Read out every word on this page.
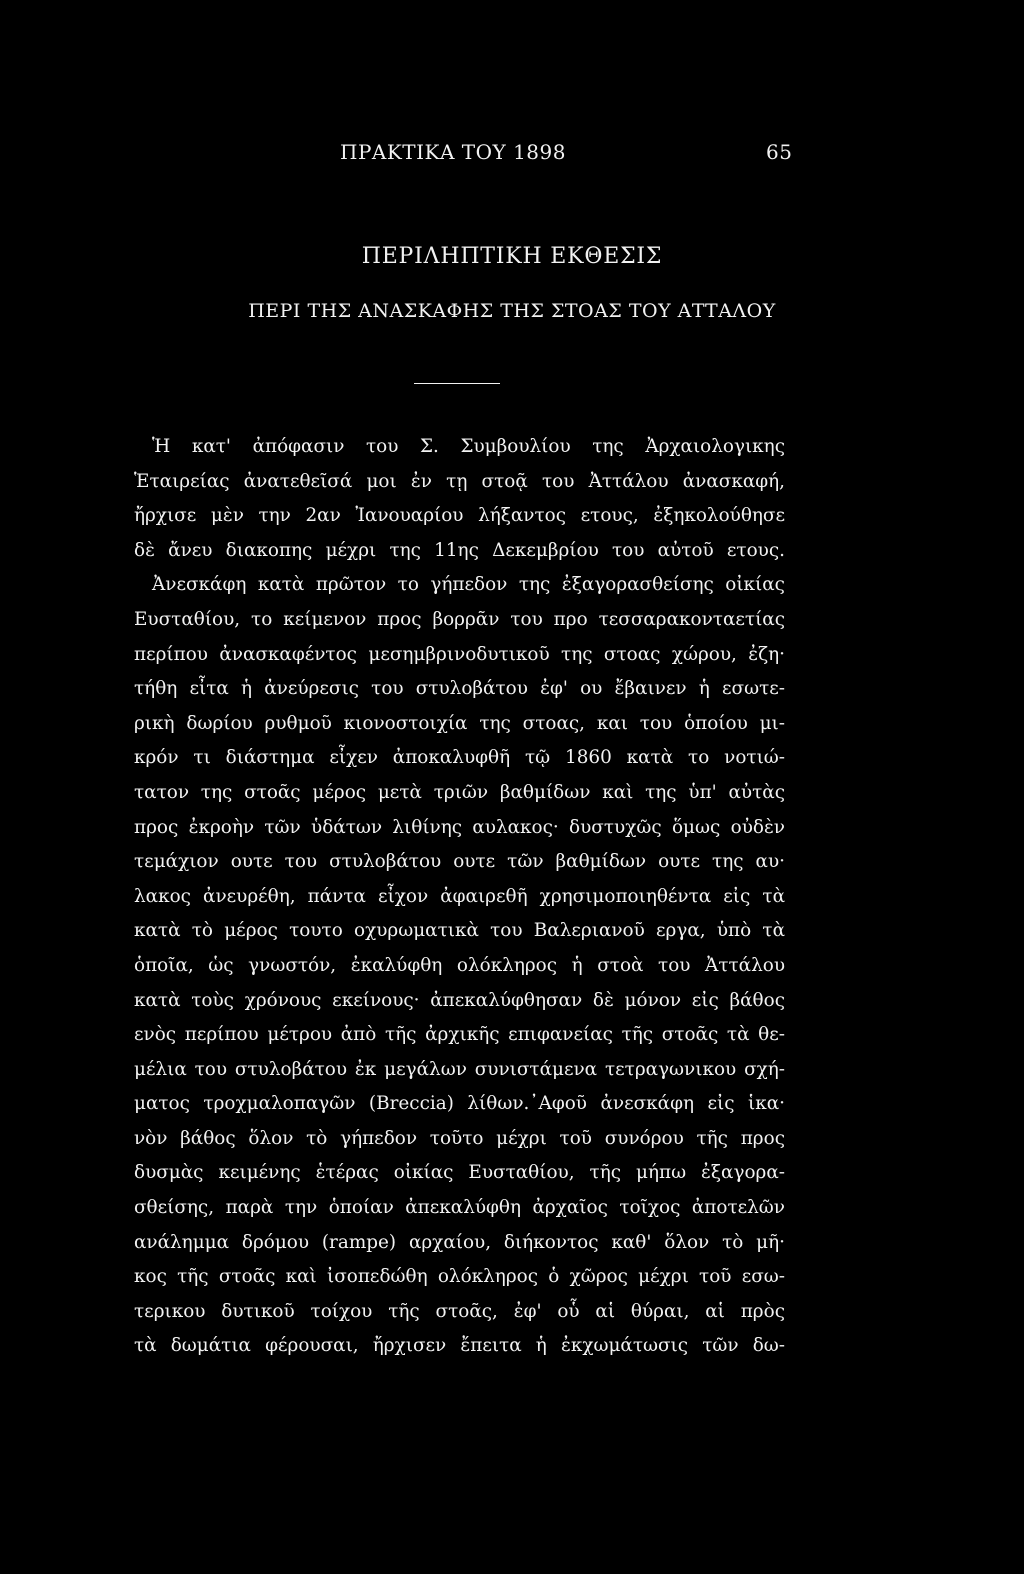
ΠΡΑΚΤΙΚΑ ΤΟΥ 1898	65
ΠΕΡΙΛΗΠΤΙΚΗ ΕΚΘΕΣΙΣ
ΠΕΡΙ ΤΗΣ ΑΝΑΣΚΑΦΗΣ ΤΗΣ ΣΤΟΑΣ ΤΟΥ ΑΤΤΑΛΟΥ
Ἡ κατ' ἀπόφασιν του Σ. Συμβουλίου της Ἀρχαιολογικης
Ἑταιρείας ἀνατεθεῖσά μοι ἐν τῃ στοᾷ του Ἀττάλου ἀνασκαφή,
ἤρχισε μὲν την 2αν Ἰανουαρίου λήξαντος ετους, ἐξηκολούθησε
δὲ ἄνευ διακοπης μέχρι της 11ης Δεκεμβρίου του αὐτοῦ ετους.
Ἀνεσκάφη κατὰ πρῶτον το γήπεδον της ἐξαγορασθείσης οἰκίας
Ευσταθίου, το κείμενον προς βορρᾶν του προ τεσσαρακονταετίας
περίπου ἀνασκαφέντος μεσημβρινοδυτικοῦ της στοας χώρου, ἐζη·
τήθη εἶτα ἡ ἀνεύρεσις του στυλοβάτου ἐφ' ου ἔβαινεν ἡ εσωτε-
ρικὴ δωρίου ρυθμοῦ κιονοστοιχία της στοας, και του ὁποίου μι-
κρόν τι διάστημα εἶχεν ἀποκαλυφθῆ τῷ 1860 κατὰ το νοτιώ-
τατον της στοᾶς μέρος μετὰ τριῶν βαθμίδων καὶ της ὑπ' αὐτὰς
προς ἐκροὴν τῶν ὑδάτων λιθίνης αυλακος· δυστυχῶς ὅμως οὐδὲν
τεμάχιον ουτε του στυλοβάτου ουτε τῶν βαθμίδων ουτε της αυ·
λακος ἀνευρέθη, πάντα εἶχον ἀφαιρεθῆ χρησιμοποιηθέντα εἰς τὰ
κατὰ τὸ μέρος τουτο οχυρωματικὰ του Βαλεριανοῦ εργα, ὑπὸ τὰ
ὁποῖα, ὡς γνωστόν, ἐκαλύφθη ολόκληρος ἡ στοὰ του Ἀττάλου
κατὰ τοὺς χρόνους εκείνους· ἀπεκαλύφθησαν δὲ μόνον εἰς βάθος
ενὸς περίπου μέτρου ἀπὸ τῆς ἀρχικῆς επιφανείας τῆς στοᾶς τὰ θε-
μέλια του στυλοβάτου ἐκ μεγάλων συνιστάμενα τετραγωνικου σχή-
ματος τροχμαλοπαγῶν (Breccia) λίθων.᾿Αφοῦ ἀνεσκάφη εἰς ἱκα·
νὸν βάθος ὅλον τὸ γήπεδον τοῦτο μέχρι τοῦ συνόρου τῆς προς
δυσμὰς κειμένης ἑτέρας οἰκίας Ευσταθίου, τῆς μήπω ἐξαγορα-
σθείσης, παρὰ την ὁποίαν ἀπεκαλύφθη ἀρχαῖος τοῖχος ἀποτελῶν
ανάλημμα δρόμου (rampe) αρχαίου, διήκοντος καθ' ὅλον τὸ μῆ·
κος τῆς στοᾶς καὶ ἰσοπεδώθη ολόκληρος ὁ χῶρος μέχρι τοῦ εσω-
τερικου δυτικοῦ τοίχου τῆς στοᾶς, ἐφ' οὗ αἱ θύραι, αἱ πρὸς
τὰ δωμάτια φέρουσαι, ἤρχισεν ἔπειτα ἡ ἐκχωμάτωσις τῶν δω-
